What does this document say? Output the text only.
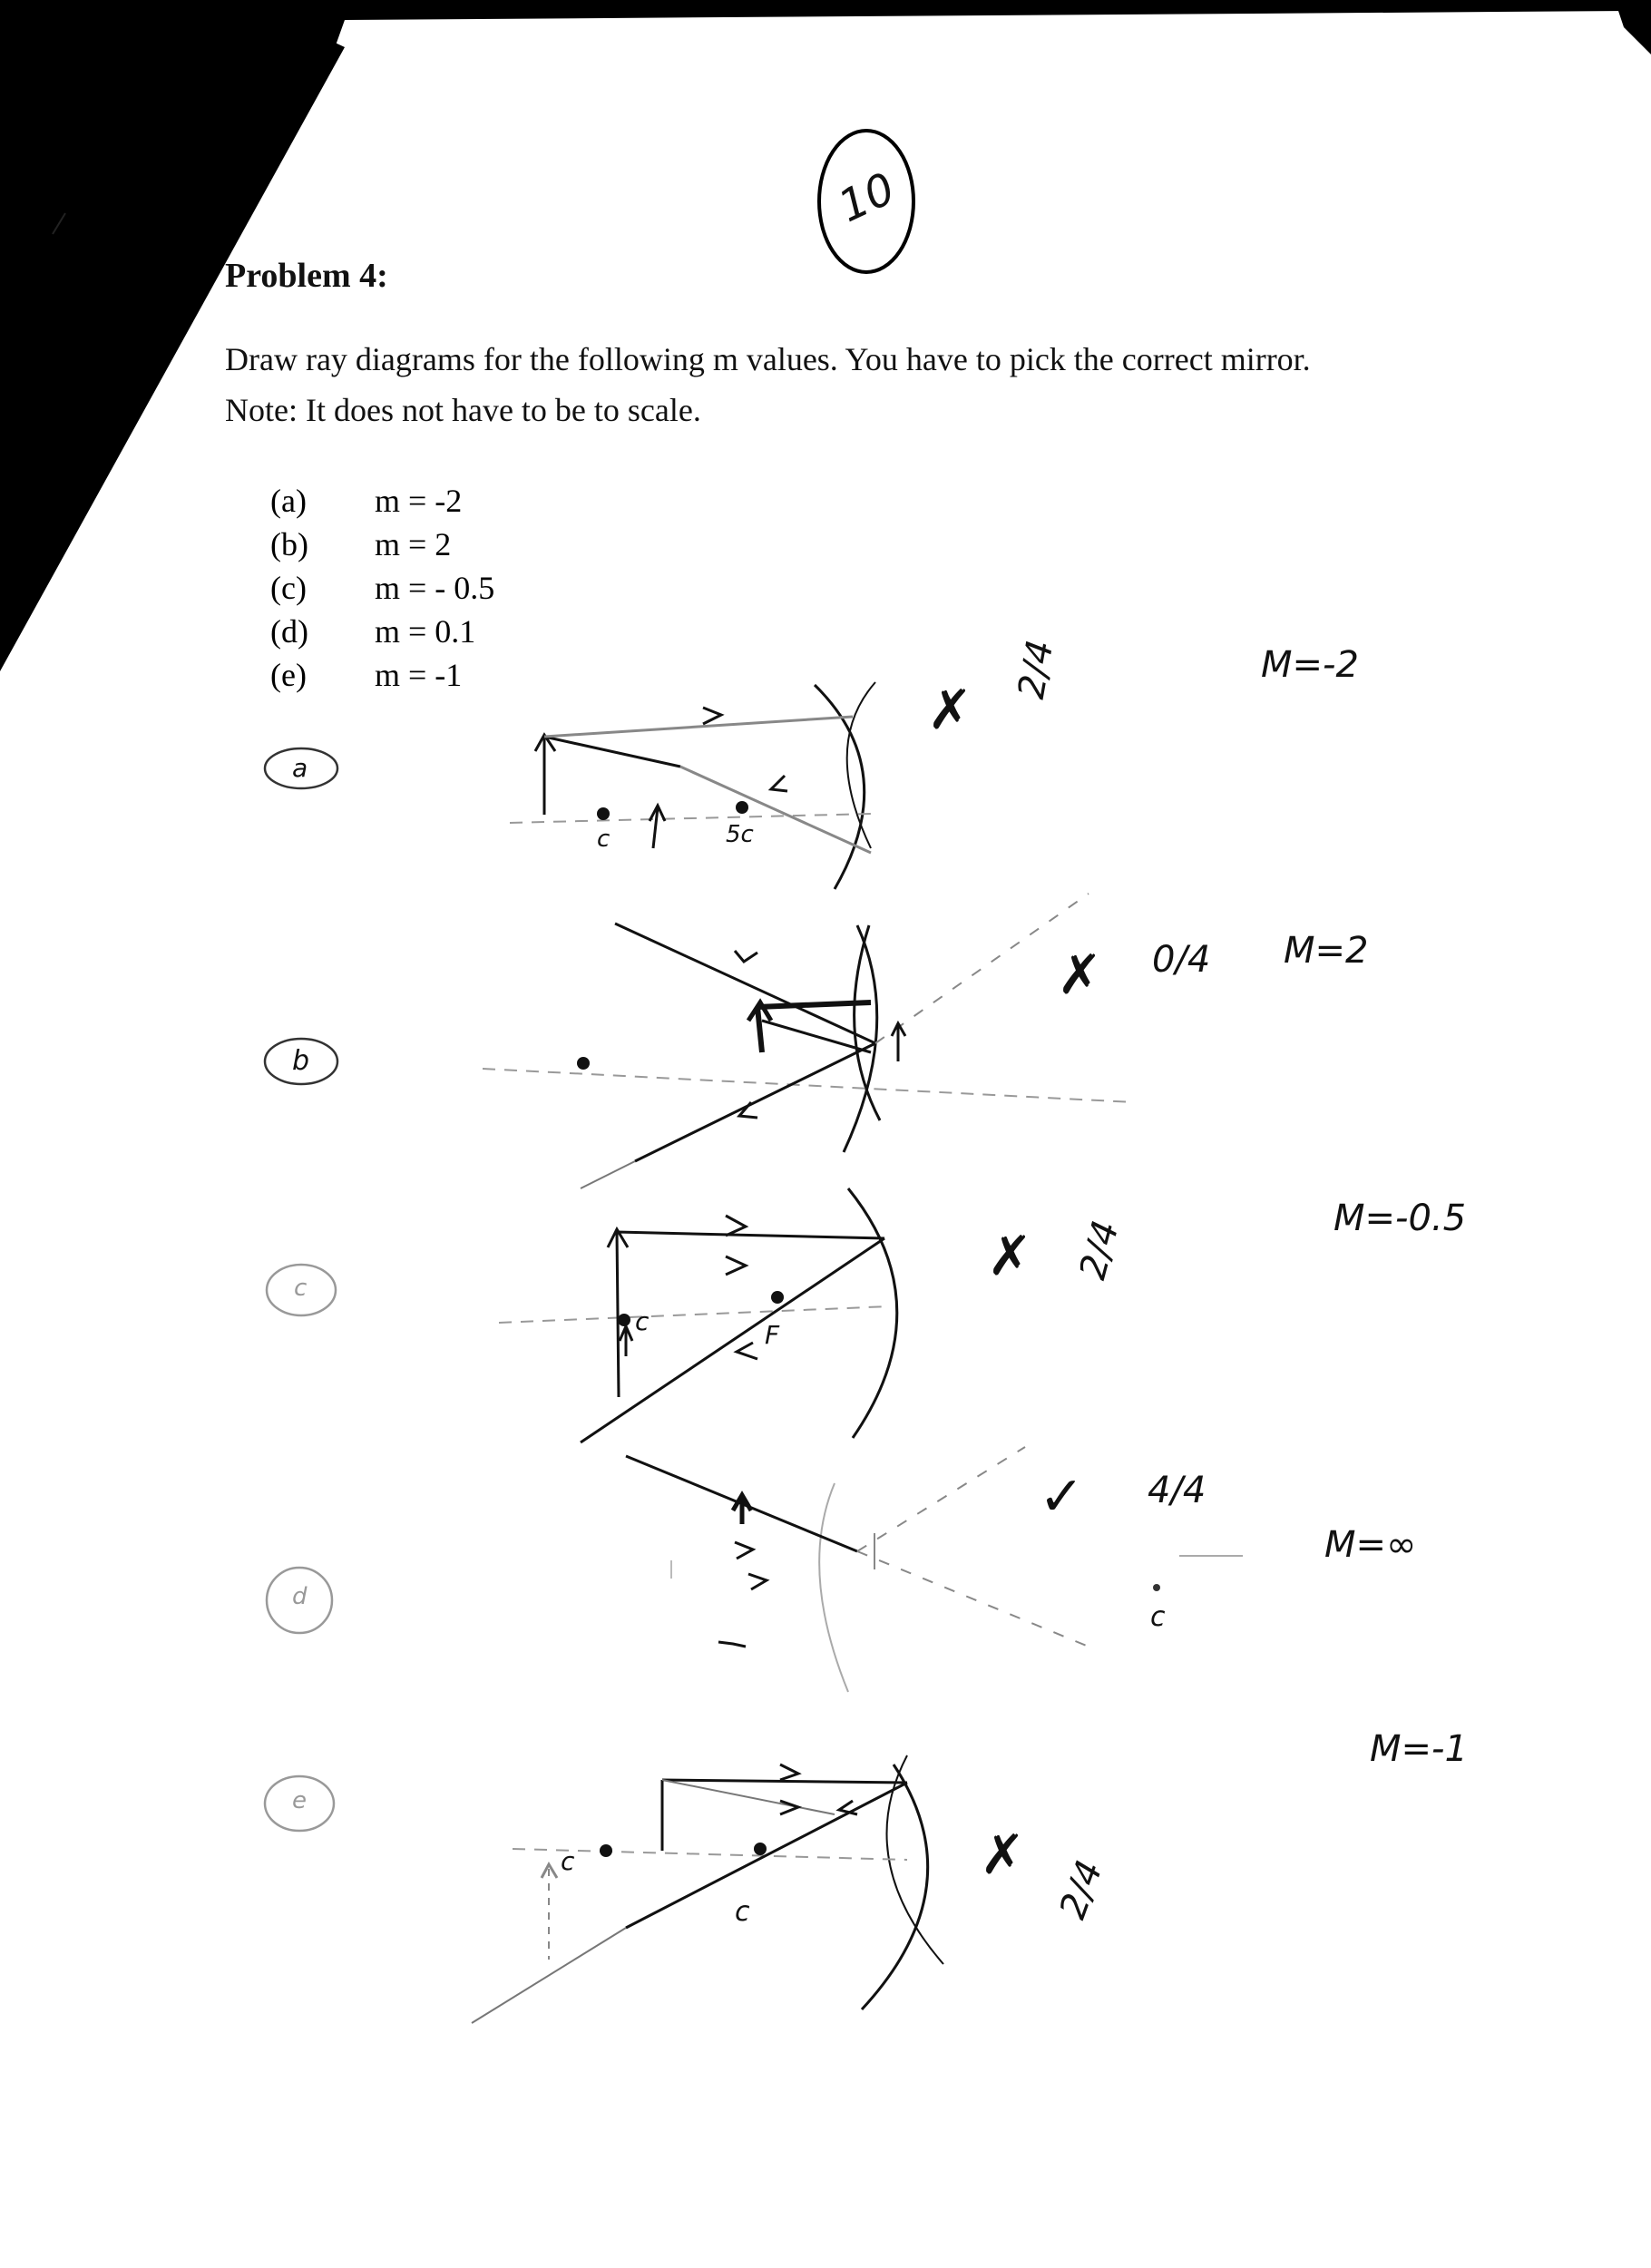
Problem 4:
Draw ray diagrams for the following m values. You have to pick the correct mirror. Note: It does not have to be to scale.
(a) m = -2
(b) m = 2
(c) m = - 0.5
(d) m = 0.1
(e) m = -1
10
a
b
c
d
e
✗
2/4	M=-2
c	5c
✗ 0/4 M=2
✗ 2/4	M=-0.5
c	F
✓ 4/4
M=∞
c
✗ 2/4
M=-1
c
c
